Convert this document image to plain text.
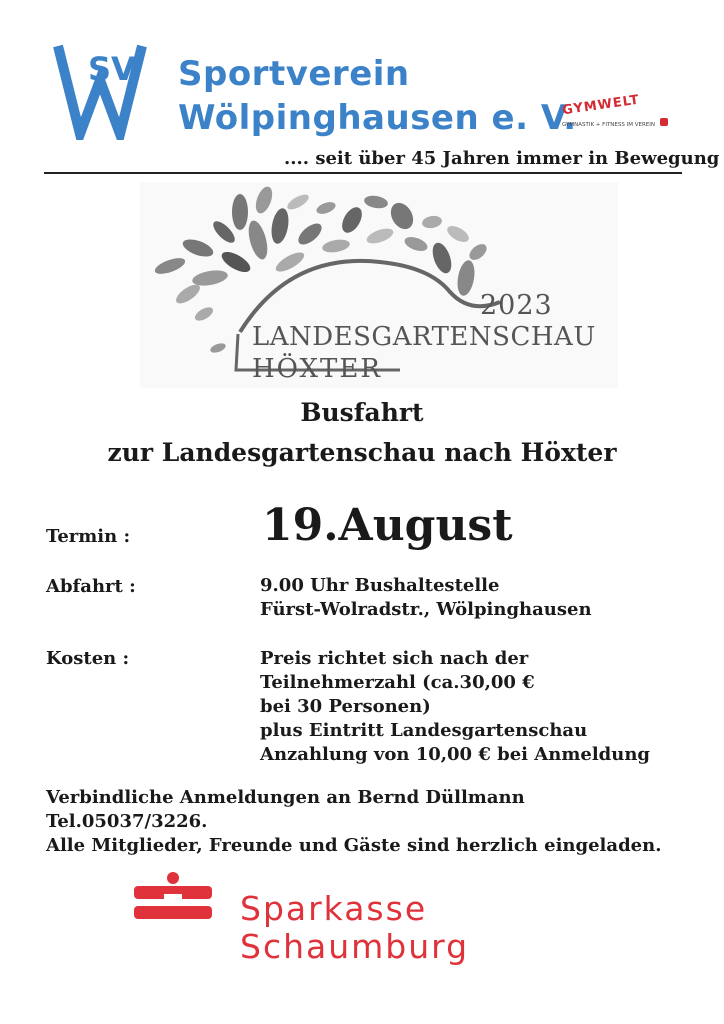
SV Sportverein
Wölpinghausen e. V.
GYMWELT
GYMNASTIK + FITNESS IM VEREIN
.... seit über 45 Jahren immer in Bewegung
2023
LANDESGARTENSCHAU
HÖXTER
Busfahrt
zur Landesgartenschau nach Höxter
Termin :	19.August
Abfahrt :	9.00 Uhr Bushaltestelle
Fürst-Wolradstr., Wölpinghausen
Kosten :	Preis richtet sich nach der
Teilnehmerzahl (ca.30,00 €
bei 30 Personen)
plus Eintritt Landesgartenschau
Anzahlung von 10,00 € bei Anmeldung
Verbindliche Anmeldungen an Bernd Düllmann
Tel.05037/3226.
Alle Mitglieder, Freunde und Gäste sind herzlich eingeladen.
Sparkasse
Schaumburg
